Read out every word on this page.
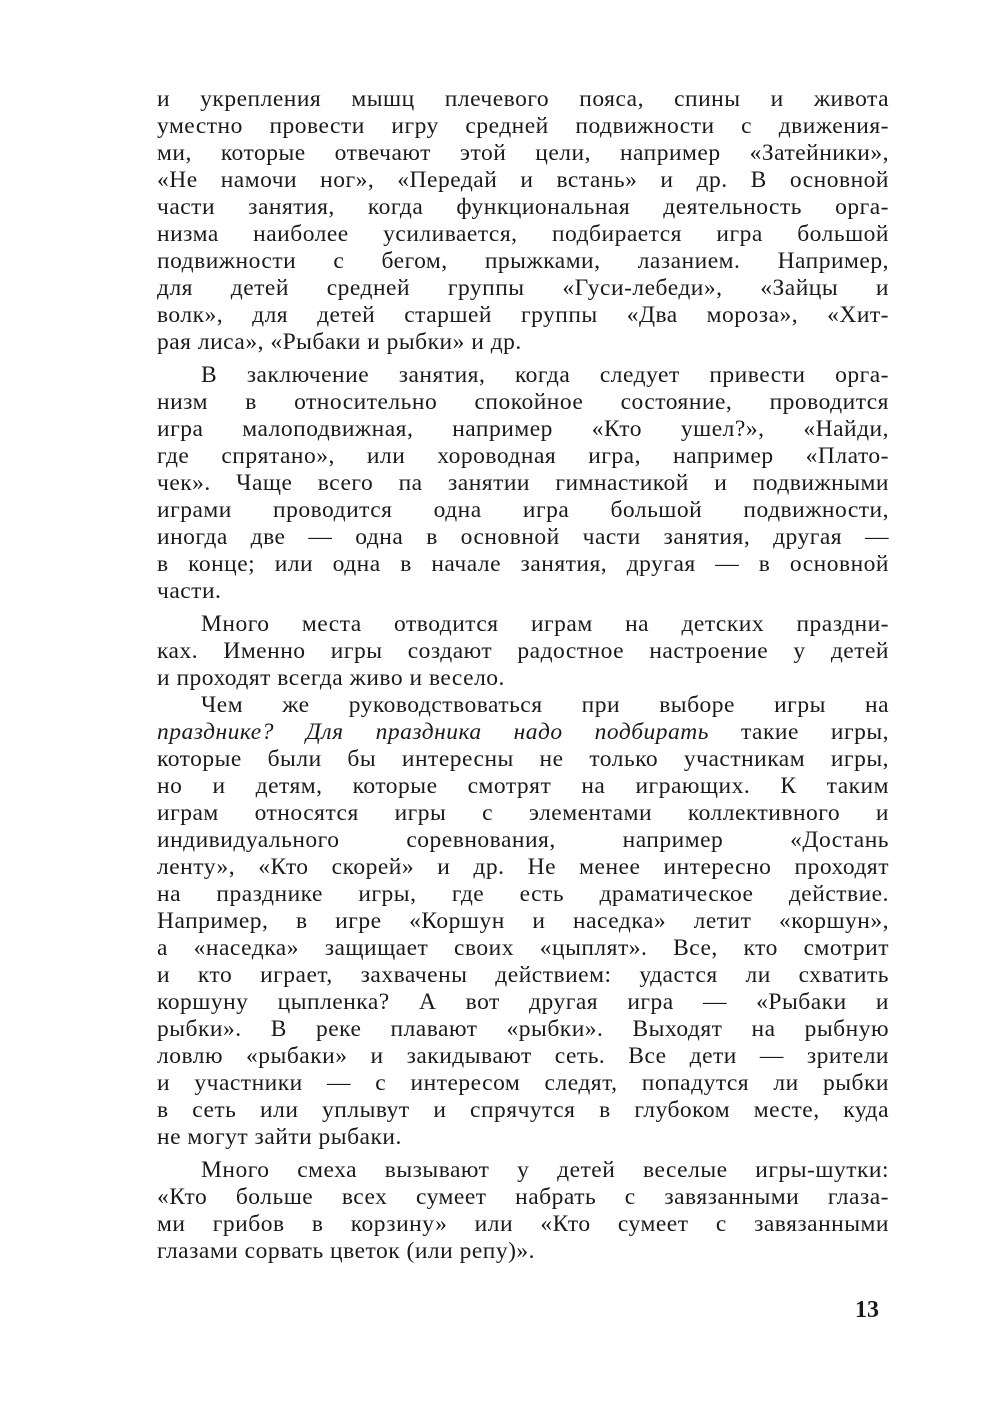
и укрепления мышц плечевого пояса, спины и живота
уместно провести игру средней подвижности с движения-
ми, которые отвечают этой цели, например «Затейники»,
«Не намочи ног», «Передай и встань» и др. В основной
части занятия, когда функциональная деятельность орга-
низма наиболее усиливается, подбирается игра большой
подвижности с бегом, прыжками, лазанием. Например,
для детей средней группы «Гуси-лебеди», «Зайцы и
волк», для детей старшей группы «Два мороза», «Хит-
рая лиса», «Рыбаки и рыбки» и др.
В заключение занятия, когда следует привести орга-
низм в относительно спокойное состояние, проводится
игра малоподвижная, например «Кто ушел?», «Найди,
где спрятано», или хороводная игра, например «Плато-
чек». Чаще всего па занятии гимнастикой и подвижными
играми проводится одна игра большой подвижности,
иногда две — одна в основной части занятия, другая —
в конце; или одна в начале занятия, другая — в основной
части.
Много места отводится играм на детских праздни-
ках. Именно игры создают радостное настроение у детей
и проходят всегда живо и весело.
Чем же руководствоваться при выборе игры на
празднике? Для праздника надо подбирать такие игры,
которые были бы интересны не только участникам игры,
но и детям, которые смотрят на играющих. К таким
играм относятся игры с элементами коллективного и
индивидуального соревнования, например «Достань
ленту», «Кто скорей» и др. Не менее интересно проходят
на празднике игры, где есть драматическое действие.
Например, в игре «Коршун и наседка» летит «коршун»,
а «наседка» защищает своих «цыплят». Все, кто смотрит
и кто играет, захвачены действием: удастся ли схватить
коршуну цыпленка? А вот другая игра — «Рыбаки и
рыбки». В реке плавают «рыбки». Выходят на рыбную
ловлю «рыбаки» и закидывают сеть. Все дети — зрители
и участники — с интересом следят, попадутся ли рыбки
в сеть или уплывут и спрячутся в глубоком месте, куда
не могут зайти рыбаки.
Много смеха вызывают у детей веселые игры-шутки:
«Кто больше всех сумеет набрать с завязанными глаза-
ми грибов в корзину» или «Кто сумеет с завязанными
глазами сорвать цветок (или репу)».
13
